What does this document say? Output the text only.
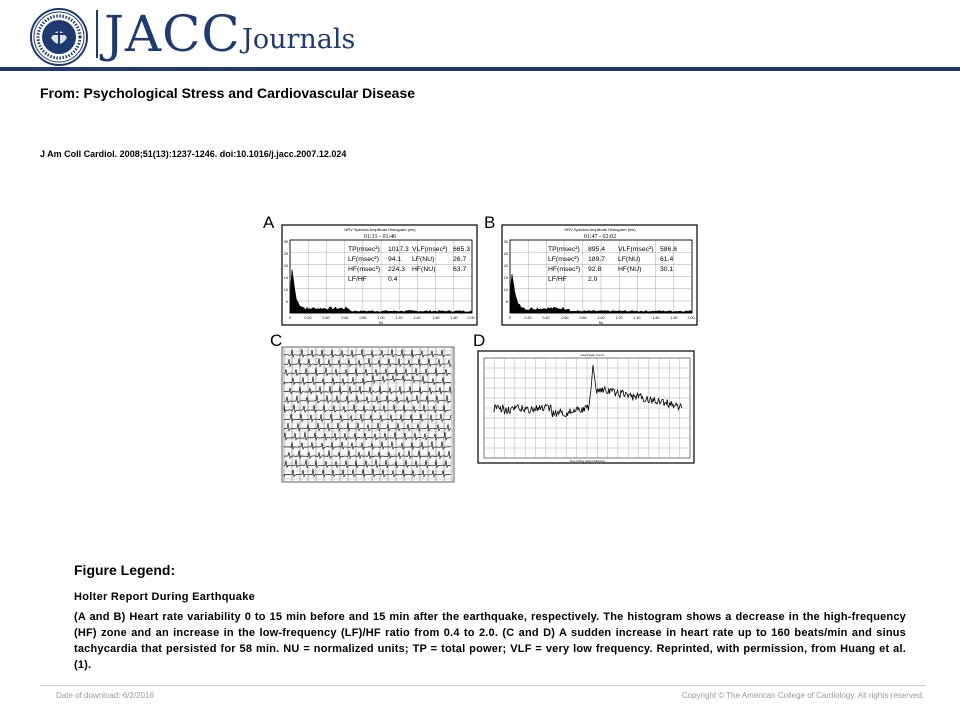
JACC Journals
From: Psychological Stress and Cardiovascular Disease
J Am Coll Cardiol. 2008;51(13):1237-1246. doi:10.1016/j.jacc.2007.12.024
A	HRV Spectral Amplitude Histogram (ms)
01:31 - 01:46
TP(msec²) 1017.3 VLF(msec²) 665.3
LF(msec²) 94.1 LF(NU)	26.7
HF(msec²) 224.3 HF(NU)	63.7
LF/HF	0.4
30
25
20
15
10
5
0	0.20	0.40	0.60	0.80	1.00	1.20	1.40	1.60	1.80	2.00
Hz
B	HRV Spectral Amplitude Histogram (ms)
01:47 - 02:02
TP(msec²) 895.4 VLF(msec²) 586.6
LF(msec²) 189.7 LF(NU)	61.4
HF(msec²) 92.8 HF(NU)	30.1
LF/HF	2.0
30
25
20
15
10
5
0	0.20	0.40	0.60	0.80	1.00	1.20	1.40	1.60	1.80	2.00
Hz
C	D
Heart Rate Trend
Time of Day (Hours:Minutes)
Figure Legend:
Holter Report During Earthquake
(A and B) Heart rate variability 0 to 15 min before and 15 min after the earthquake, respectively. The histogram shows a decrease in the high-frequency (HF) zone and an increase in the low-frequency (LF)/HF ratio from 0.4 to 2.0. (C and D) A sudden increase in heart rate up to 160 beats/min and sinus tachycardia that persisted for 58 min. NU = normalized units; TP = total power; VLF = very low frequency. Reprinted, with permission, from Huang et al. (1).
Date of download: 6/2/2016	Copyright © The American College of Cardiology. All rights reserved.
